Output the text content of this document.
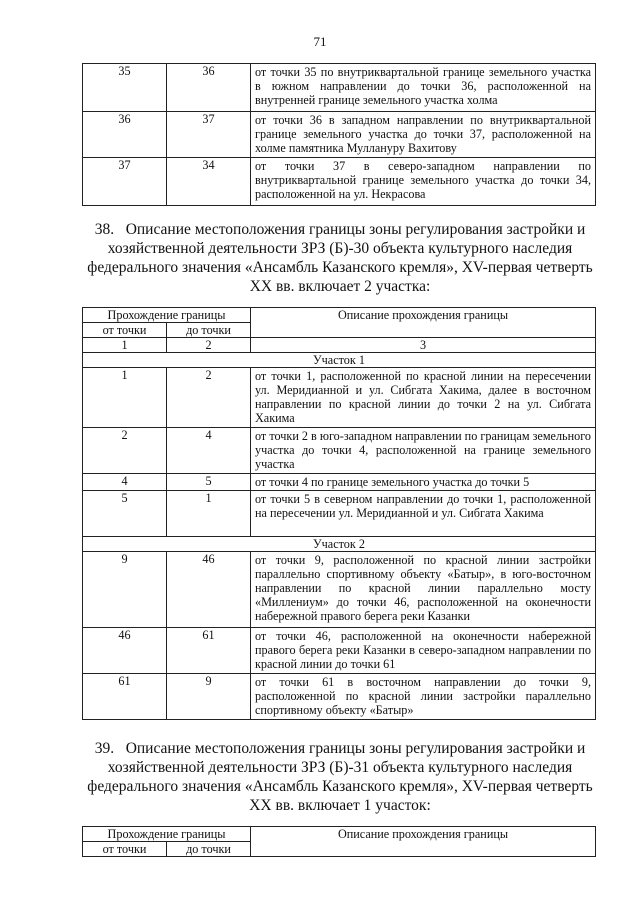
71
35	36	от точки 35 по внутриквартальной границе земельного участка в южном направлении до точки 36, расположенной на внутренней границе земельного участка холма
36	37	от точки 36 в западном направлении по внутриквартальной границе земельного участка до точки 37, расположенной на холме памятника Муллануру Вахитову
37	34	от точки 37 в северо-западном направлении по внутриквартальной границе земельного участка до точки 34, расположенной на ул. Некрасова
38. Описание местоположения границы зоны регулирования застройки и хозяйственной деятельности ЗРЗ (Б)-30 объекта культурного наследия федерального значения «Ансамбль Казанского кремля», XV-первая четверть XX вв. включает 2 участка:
Прохождение границы		Описание прохождения границы
от точки	до точки	
1	2	3
Участок 1		
1	2	от точки 1, расположенной по красной линии на пересечении ул. Меридианной и ул. Сибгата Хакима, далее в восточном направлении по красной линии до точки 2 на ул. Сибгата Хакима
2	4	от точки 2 в юго-западном направлении по границам земельного участка до точки 4, расположенной на границе земельного участка
4	5	от точки 4 по границе земельного участка до точки 5
5	1	от точки 5 в северном направлении до точки 1, расположенной на пересечении ул. Меридианной и ул. Сибгата Хакима
Участок 2		
9	46	от точки 9, расположенной по красной линии застройки параллельно спортивному объекту «Батыр», в юго-восточном направлении по красной линии параллельно мосту «Миллениум» до точки 46, расположенной на оконечности набережной правого берега реки Казанки
46	61	от точки 46, расположенной на оконечности набережной правого берега реки Казанки в северо-западном направлении по красной линии до точки 61
61	9	от точки 61 в восточном направлении до точки 9, расположенной по красной линии застройки параллельно спортивному объекту «Батыр»
39. Описание местоположения границы зоны регулирования застройки и хозяйственной деятельности ЗРЗ (Б)-31 объекта культурного наследия федерального значения «Ансамбль Казанского кремля», XV-первая четверть XX вв. включает 1 участок:
Прохождение границы		Описание прохождения границы
от точки	до точки	
